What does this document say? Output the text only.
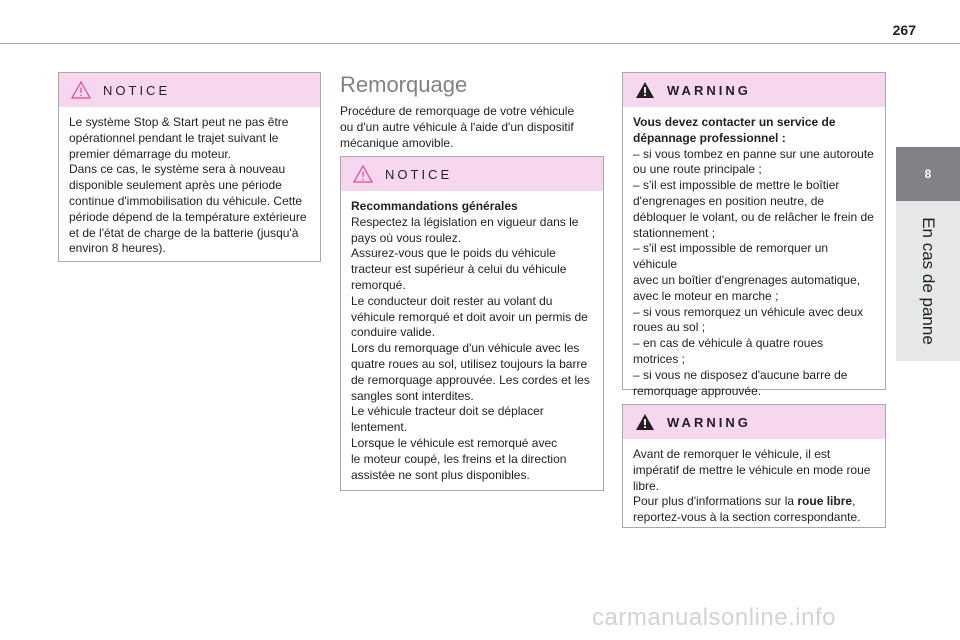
267
8
En cas de panne
NOTICE

Le système Stop & Start peut ne pas être

opérationnel pendant le trajet suivant le

premier démarrage du moteur.

Dans ce cas, le système sera à nouveau

disponible seulement après une période

continue d'immobilisation du véhicule. Cette

période dépend de la température extérieure

et de l'état de charge de la batterie (jusqu'à

environ 8 heures).

Remorquage

Procédure de remorquage de votre véhicule

ou d'un autre véhicule à l'aide d'un dispositif

mécanique amovible.

NOTICE

Recommandations générales

Respectez la législation en vigueur dans le

pays où vous roulez.

Assurez-vous que le poids du véhicule

tracteur est supérieur à celui du véhicule

remorqué.

Le conducteur doit rester au volant du

véhicule remorqué et doit avoir un permis de

conduire valide.

Lors du remorquage d'un véhicule avec les

quatre roues au sol, utilisez toujours la barre

de remorquage approuvée. Les cordes et les

sangles sont interdites.

Le véhicule tracteur doit se déplacer

lentement.

Lorsque le véhicule est remorqué avec

le moteur coupé, les freins et la direction

assistée ne sont plus disponibles.

WARNING

Vous devez contacter un service de

dépannage professionnel :

– si vous tombez en panne sur une autoroute

ou une route principale ;

– s'il est impossible de mettre le boîtier

d'engrenages en position neutre, de

débloquer le volant, ou de relâcher le frein de

stationnement ;

– s'il est impossible de remorquer un véhicule

avec un boîtier d'engrenages automatique,

avec le moteur en marche ;

– si vous remorquez un véhicule avec deux

roues au sol ;

– en cas de véhicule à quatre roues

motrices ;

– si vous ne disposez d'aucune barre de

remorquage approuvée.

WARNING

Avant de remorquer le véhicule, il est

impératif de mettre le véhicule en mode roue

libre.

Pour plus d'informations sur la roue libre,

reportez-vous à la section correspondante.

carmanualsonline.info
